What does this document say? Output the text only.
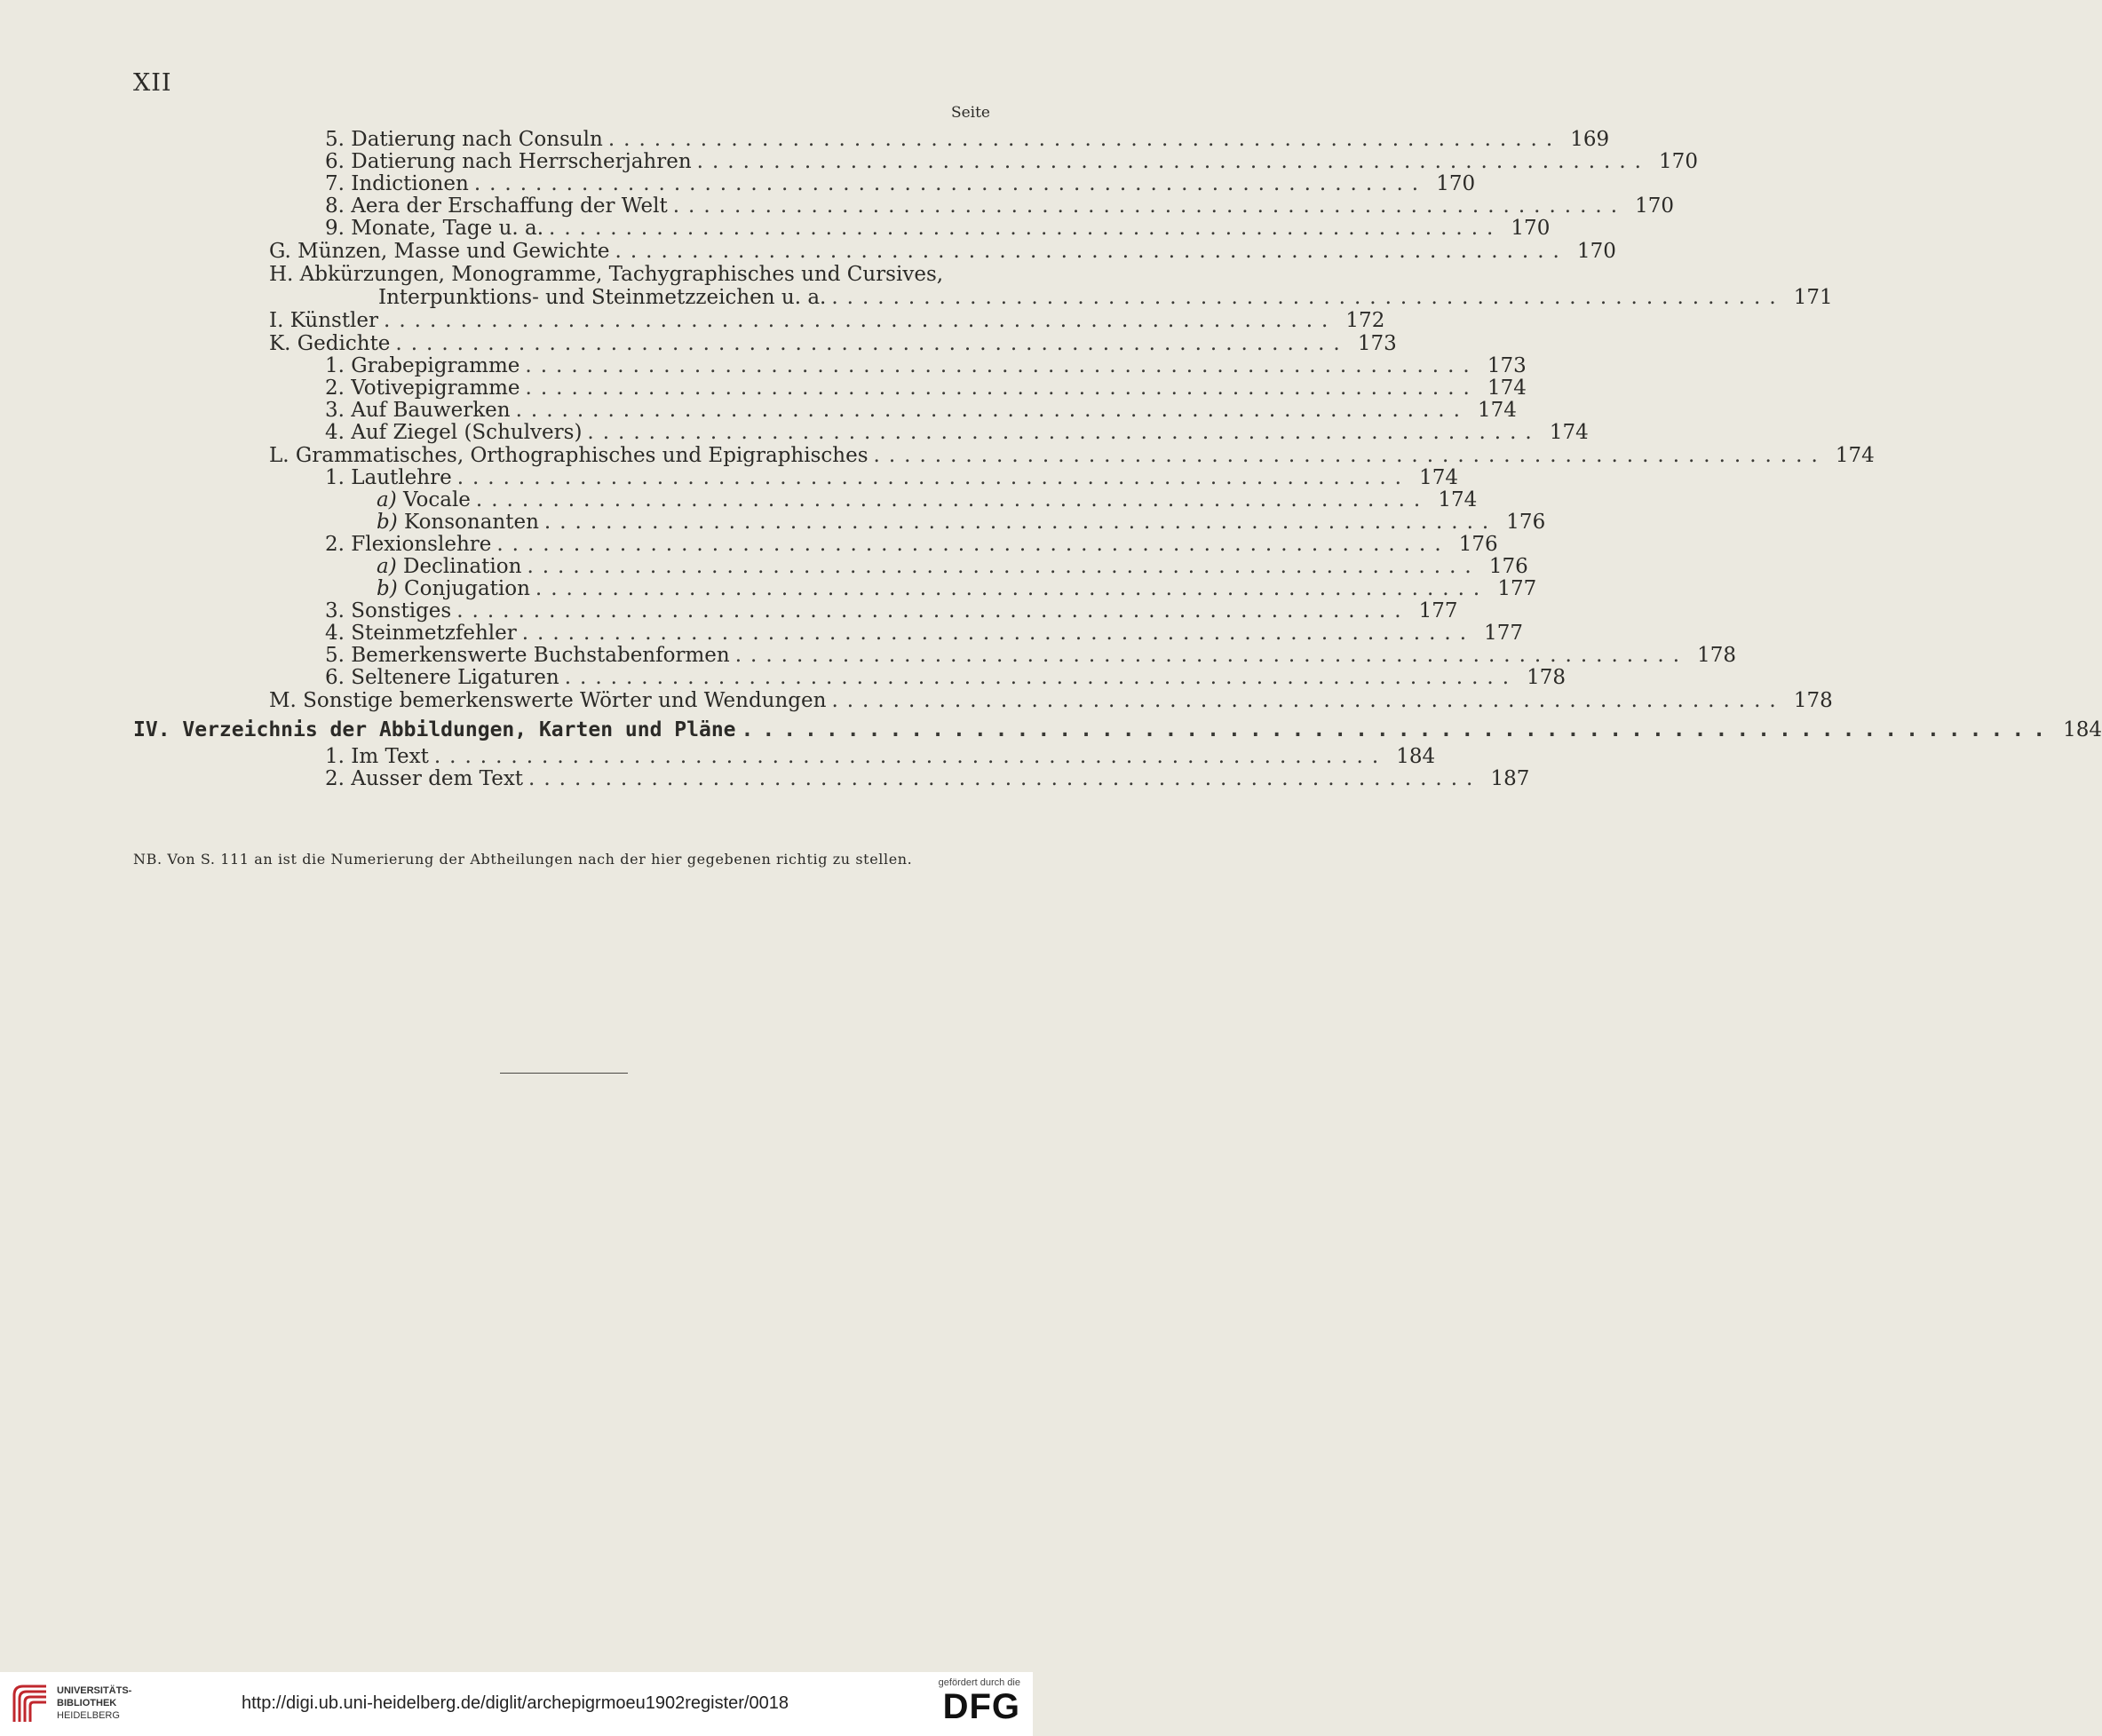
XII
Seite
5. Datierung nach Consuln .............................................................. 169
6. Datierung nach Herrscherjahren .............................................................. 170
7. Indictionen .............................................................. 170
8. Aera der Erschaffung der Welt .............................................................. 170
9. Monate, Tage u. a. .............................................................. 170
G. Münzen, Masse und Gewichte .............................................................. 170
H. Abkürzungen, Monogramme, Tachygraphisches und Cursives,
Interpunktions- und Steinmetzzeichen u. a. .............................................................. 171
I. Künstler .............................................................. 172
K. Gedichte .............................................................. 173
1. Grabepigramme .............................................................. 173
2. Votivepigramme .............................................................. 174
3. Auf Bauwerken .............................................................. 174
4. Auf Ziegel (Schulvers) .............................................................. 174
L. Grammatisches, Orthographisches und Epigraphisches .............................................................. 174
1. Lautlehre .............................................................. 174
a) Vocale .............................................................. 174
b) Konsonanten .............................................................. 176
2. Flexionslehre .............................................................. 176
a) Declination .............................................................. 176
b) Conjugation .............................................................. 177
3. Sonstiges .............................................................. 177
4. Steinmetzfehler .............................................................. 177
5. Bemerkenswerte Buchstabenformen .............................................................. 178
6. Seltenere Ligaturen .............................................................. 178
M. Sonstige bemerkenswerte Wörter und Wendungen .............................................................. 178
IV. Verzeichnis der Abbildungen, Karten und Pläne .............................................................. 184
1. Im Text .............................................................. 184
2. Ausser dem Text .............................................................. 187
NB. Von S. 111 an ist die Numerierung der Abtheilungen nach der hier gegebenen richtig zu stellen.
UNIVERSITÄTS-
BIBLIOTHEK
HEIDELBERG
http://digi.ub.uni-heidelberg.de/diglit/archepigrmoeu1902register/0018
gefördert durch die
DFG
